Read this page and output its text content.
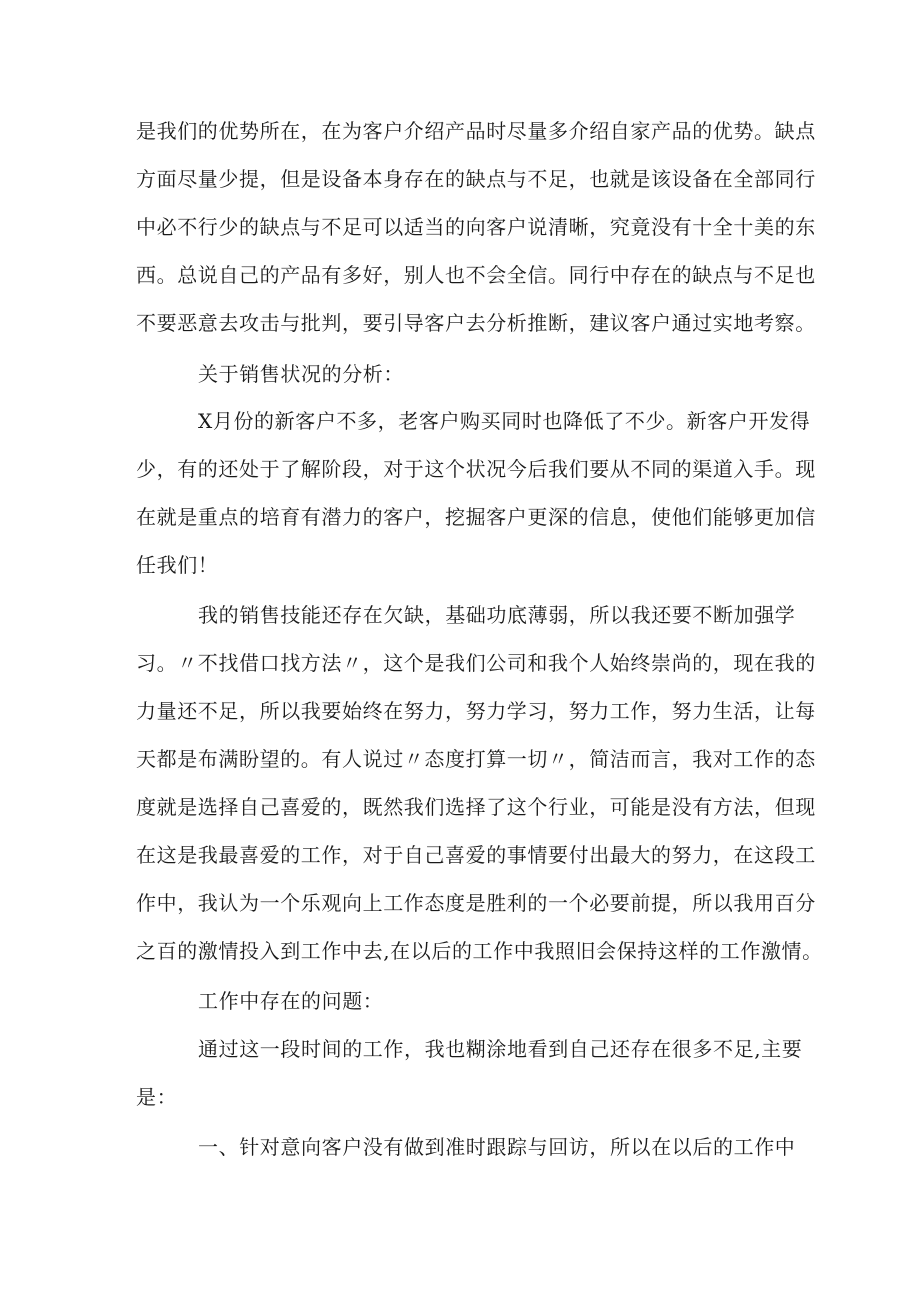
是我们的优势所在，在为客户介绍产品时尽量多介绍自家产品的优势。缺点
方面尽量少提，但是设备本身存在的缺点与不足，也就是该设备在全部同行
中必不行少的缺点与不足可以适当的向客户说清晰，究竟没有十全十美的东
西。总说自己的产品有多好，别人也不会全信。同行中存在的缺点与不足也
不要恶意去攻击与批判，要引导客户去分析推断，建议客户通过实地考察。
关于销售状况的分析：
X月份的新客户不多，老客户购买同时也降低了不少。新客户开发得
少，有的还处于了解阶段，对于这个状况今后我们要从不同的渠道入手。现
在就是重点的培育有潜力的客户，挖掘客户更深的信息，使他们能够更加信
任我们！
我的销售技能还存在欠缺，基础功底薄弱，所以我还要不断加强学
习。〃不找借口找方法〃，这个是我们公司和我个人始终崇尚的，现在我的
力量还不足，所以我要始终在努力，努力学习，努力工作，努力生活，让每
天都是布满盼望的。有人说过〃态度打算一切〃，简洁而言，我对工作的态
度就是选择自己喜爱的，既然我们选择了这个行业，可能是没有方法，但现
在这是我最喜爱的工作，对于自己喜爱的事情要付出最大的努力，在这段工
作中，我认为一个乐观向上工作态度是胜利的一个必要前提，所以我用百分
之百的激情投入到工作中去,在以后的工作中我照旧会保持这样的工作激情。
工作中存在的问题：
通过这一段时间的工作，我也糊涂地看到自己还存在很多不足,主要
是：
一、针对意向客户没有做到准时跟踪与回访，所以在以后的工作中
